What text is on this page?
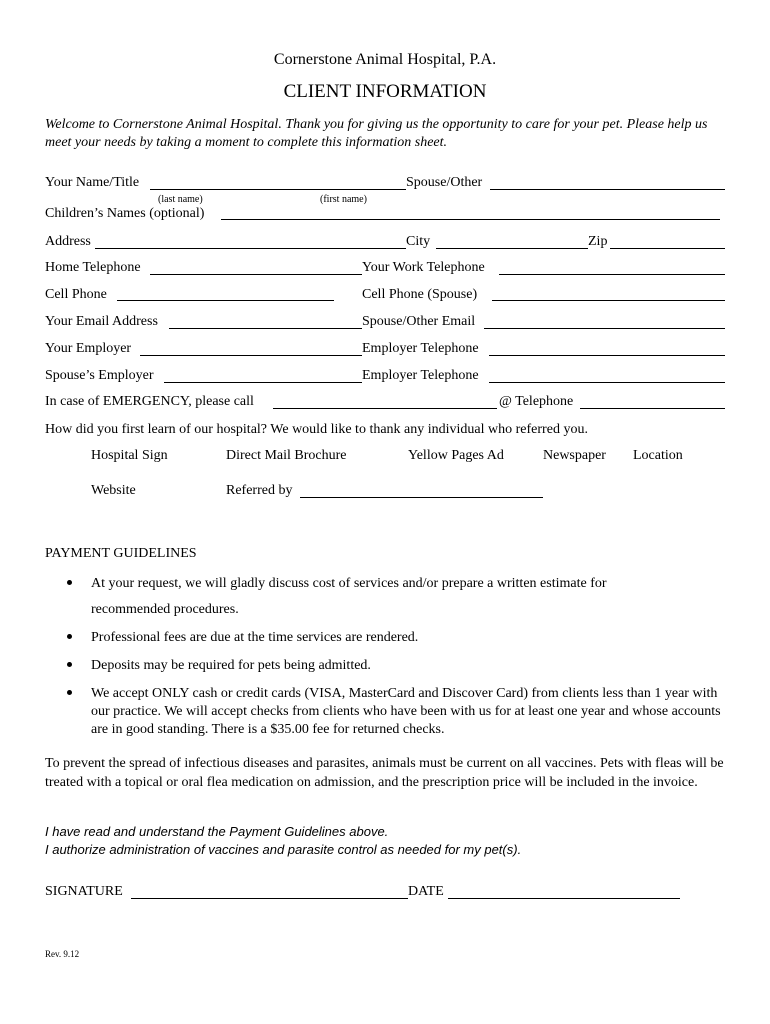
Cornerstone Animal Hospital, P.A.
CLIENT INFORMATION
Welcome to Cornerstone Animal Hospital. Thank you for giving us the opportunity to care for your pet. Please help us meet your needs by taking a moment to complete this information sheet.
Your Name/Title	Spouse/Other
(last name)	(first name)
Children’s Names (optional)
Address	City	Zip
Home Telephone	Your Work Telephone
Cell Phone	Cell Phone (Spouse)
Your Email Address	Spouse/Other Email
Your Employer	Employer Telephone
Spouse’s Employer	Employer Telephone
In case of EMERGENCY, please call	@ Telephone
How did you first learn of our hospital? We would like to thank any individual who referred you.
Hospital Sign	Direct Mail Brochure	Yellow Pages Ad	Newspaper Location
Website	Referred by
PAYMENT GUIDELINES
At your request, we will gladly discuss cost of services and/or prepare a written estimate for
recommended procedures.
Professional fees are due at the time services are rendered.
Deposits may be required for pets being admitted.
We accept ONLY cash or credit cards (VISA, MasterCard and Discover Card) from clients less than 1 year with our practice. We will accept checks from clients who have been with us for at least one year and whose accounts are in good standing. There is a $35.00 fee for returned checks.
To prevent the spread of infectious diseases and parasites, animals must be current on all vaccines. Pets with fleas will be treated with a topical or oral flea medication on admission, and the prescription price will be included in the invoice.
I have read and understand the Payment Guidelines above.
I authorize administration of vaccines and parasite control as needed for my pet(s).
SIGNATURE	DATE
Rev. 9.12
